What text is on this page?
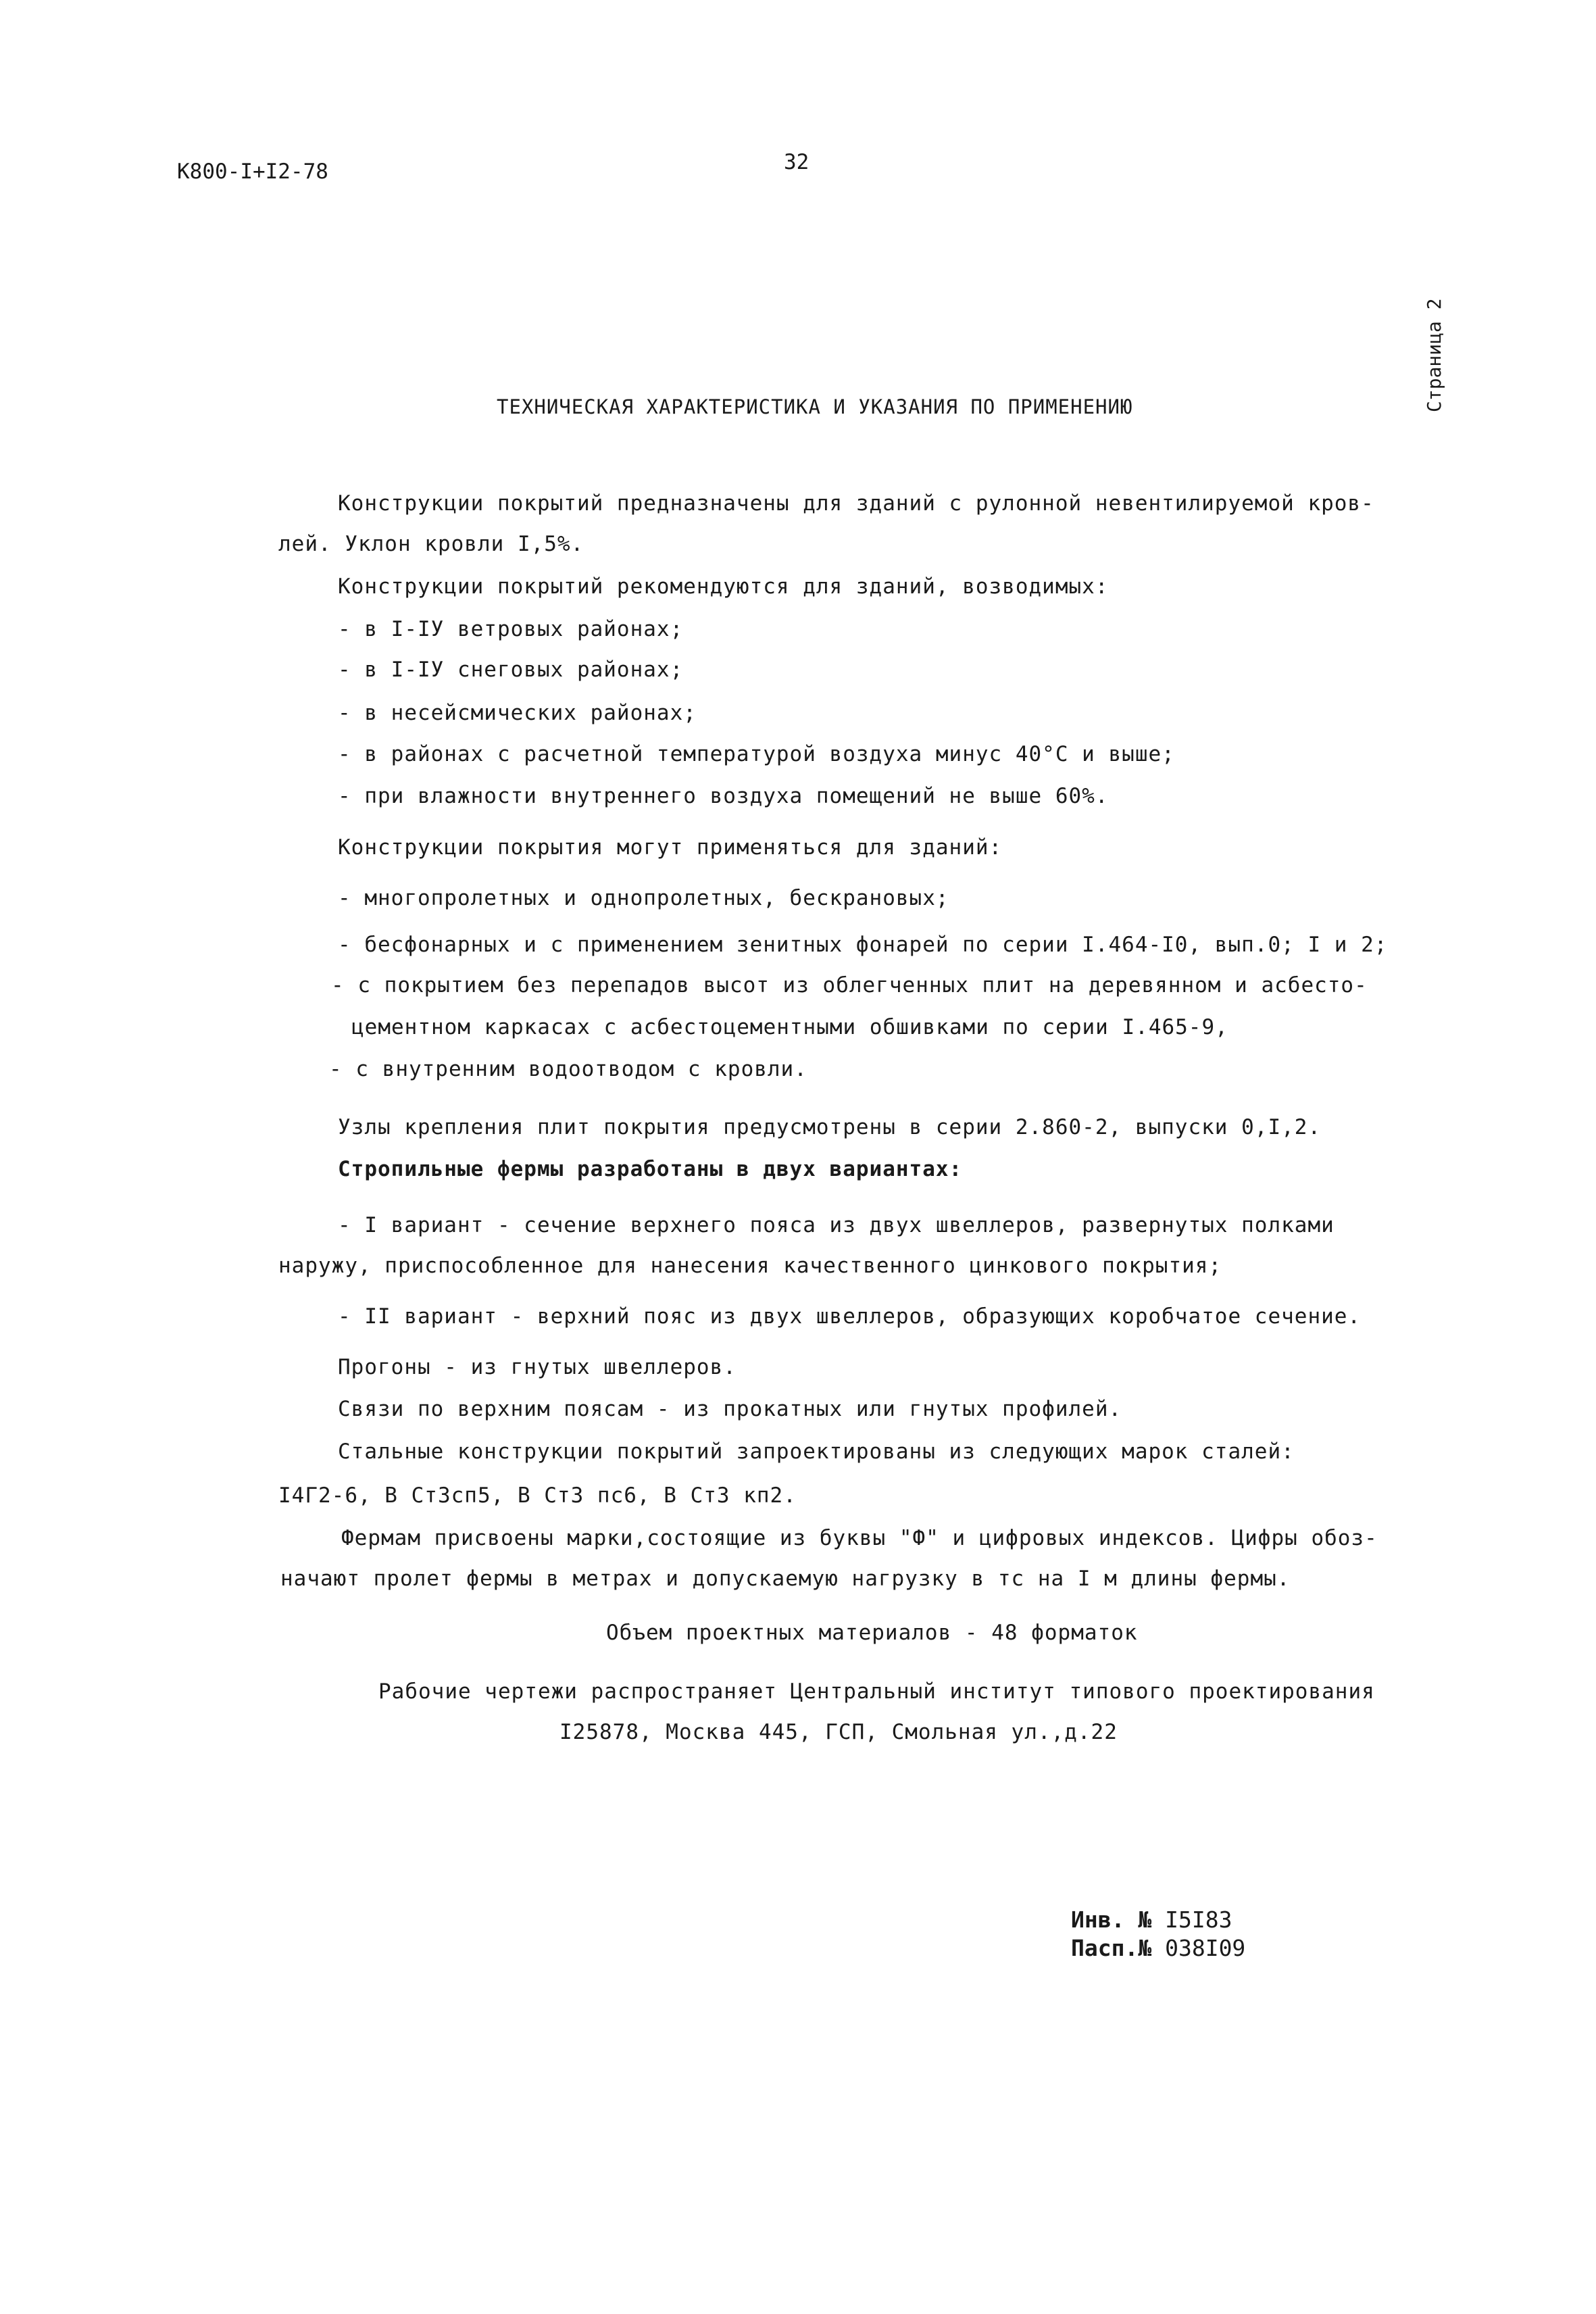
К800-I+I2-78	32
Страница 2
ТЕХНИЧЕСКАЯ ХАРАКТЕРИСТИКА И УКАЗАНИЯ ПО ПРИМЕНЕНИЮ
Конструкции покрытий предназначены для зданий с рулонной невентилируемой кров-
лей. Уклон кровли I,5%.
Конструкции покрытий рекомендуются для зданий, возводимых:
- в I-IУ ветровых районах;
- в I-IУ снеговых районах;
- в несейсмических районах;
- в районах с расчетной температурой воздуха минус 40°С и выше;
- при влажности внутреннего воздуха помещений не выше 60%.
Конструкции покрытия могут применяться для зданий:
- многопролетных и однопролетных, бескрановых;
- бесфонарных и с применением зенитных фонарей по серии I.464-I0, вып.0; I и 2;
- с покрытием без перепадов высот из облегченных плит на деревянном и асбесто-
цементном каркасах с асбестоцементными обшивками по серии I.465-9,
- с внутренним водоотводом с кровли.
Узлы крепления плит покрытия предусмотрены в серии 2.860-2, выпуски 0,I,2.
Стропильные фермы разработаны в двух вариантах:
- I вариант - сечение верхнего пояса из двух швеллеров, развернутых полками
наружу, приспособленное для нанесения качественного цинкового покрытия;
- II вариант - верхний пояс из двух швеллеров, образующих коробчатое сечение.
Прогоны - из гнутых швеллеров.
Связи по верхним поясам - из прокатных или гнутых профилей.
Стальные конструкции покрытий запроектированы из следующих марок сталей:
I4Г2-6, В Ст3сп5, В Ст3 пс6, В Ст3 кп2.
Фермам присвоены марки,состоящие из буквы "Ф" и цифровых индексов. Цифры обоз-
начают пролет фермы в метрах и допускаемую нагрузку в тс на I м длины фермы.
Объем проектных материалов - 48 форматок
Рабочие чертежи распространяет Центральный институт типового проектирования
I25878, Москва 445, ГСП, Смольная ул.,д.22
Инв. № I5I83
Пасп.№ 038I09
